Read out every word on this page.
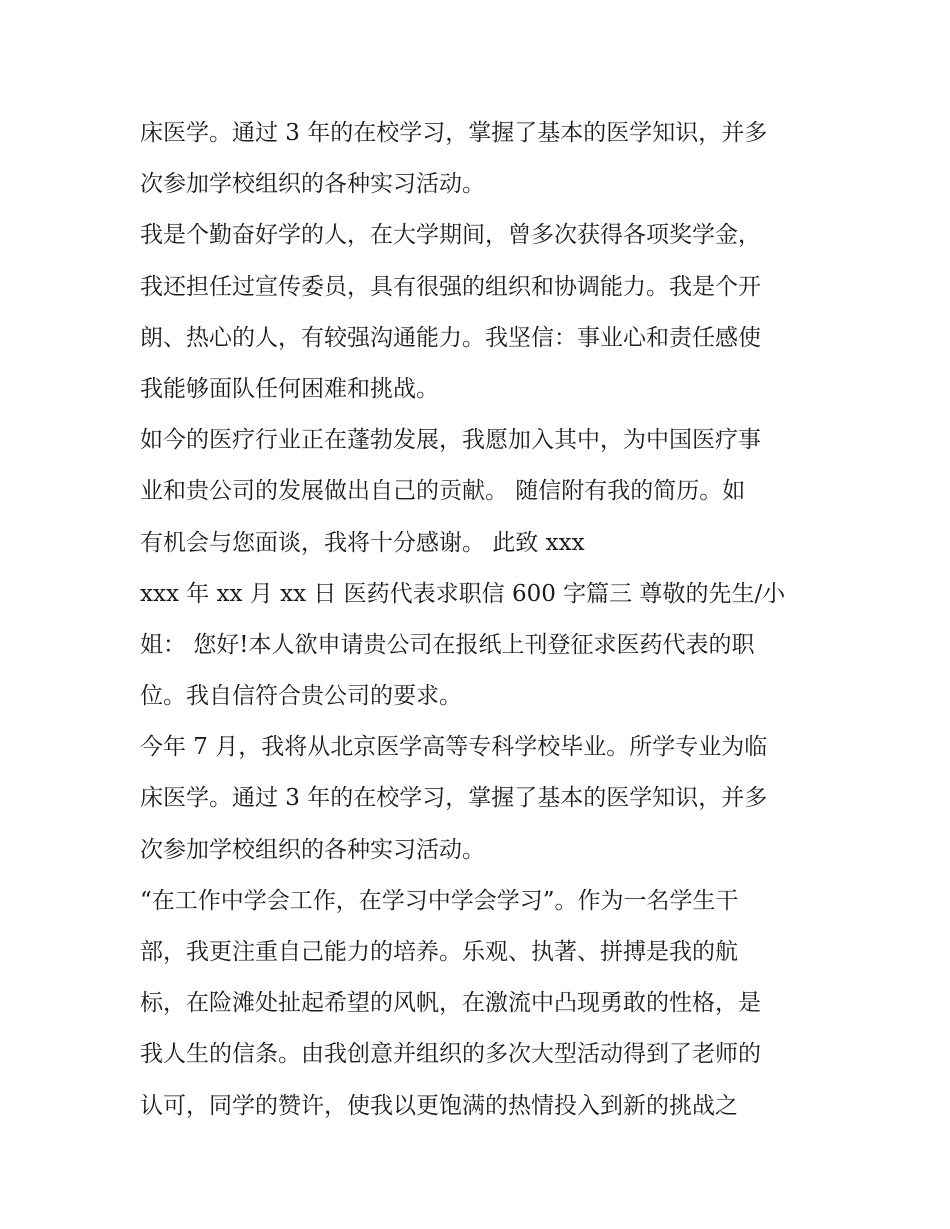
床医学。通过 3 年的在校学习，掌握了基本的医学知识，并多
次参加学校组织的各种实习活动。
我是个勤奋好学的人，在大学期间，曾多次获得各项奖学金，
我还担任过宣传委员，具有很强的组织和协调能力。我是个开
朗、热心的人，有较强沟通能力。我坚信：事业心和责任感使
我能够面队任何困难和挑战。
如今的医疗行业正在蓬勃发展，我愿加入其中，为中国医疗事
业和贵公司的发展做出自己的贡献。 随信附有我的简历。如
有机会与您面谈，我将十分感谢。 此致 xxx
xxx 年 xx 月 xx 日 医药代表求职信 600 字篇三 尊敬的先生/小
姐： 您好!本人欲申请贵公司在报纸上刊登征求医药代表的职
位。我自信符合贵公司的要求。
今年 7 月，我将从北京医学高等专科学校毕业。所学专业为临
床医学。通过 3 年的在校学习，掌握了基本的医学知识，并多
次参加学校组织的各种实习活动。
“在工作中学会工作，在学习中学会学习”。作为一名学生干
部，我更注重自己能力的培养。乐观、执著、拼搏是我的航
标，在险滩处扯起希望的风帆，在激流中凸现勇敢的性格，是
我人生的信条。由我创意并组织的多次大型活动得到了老师的
认可，同学的赞许，使我以更饱满的热情投入到新的挑战之
